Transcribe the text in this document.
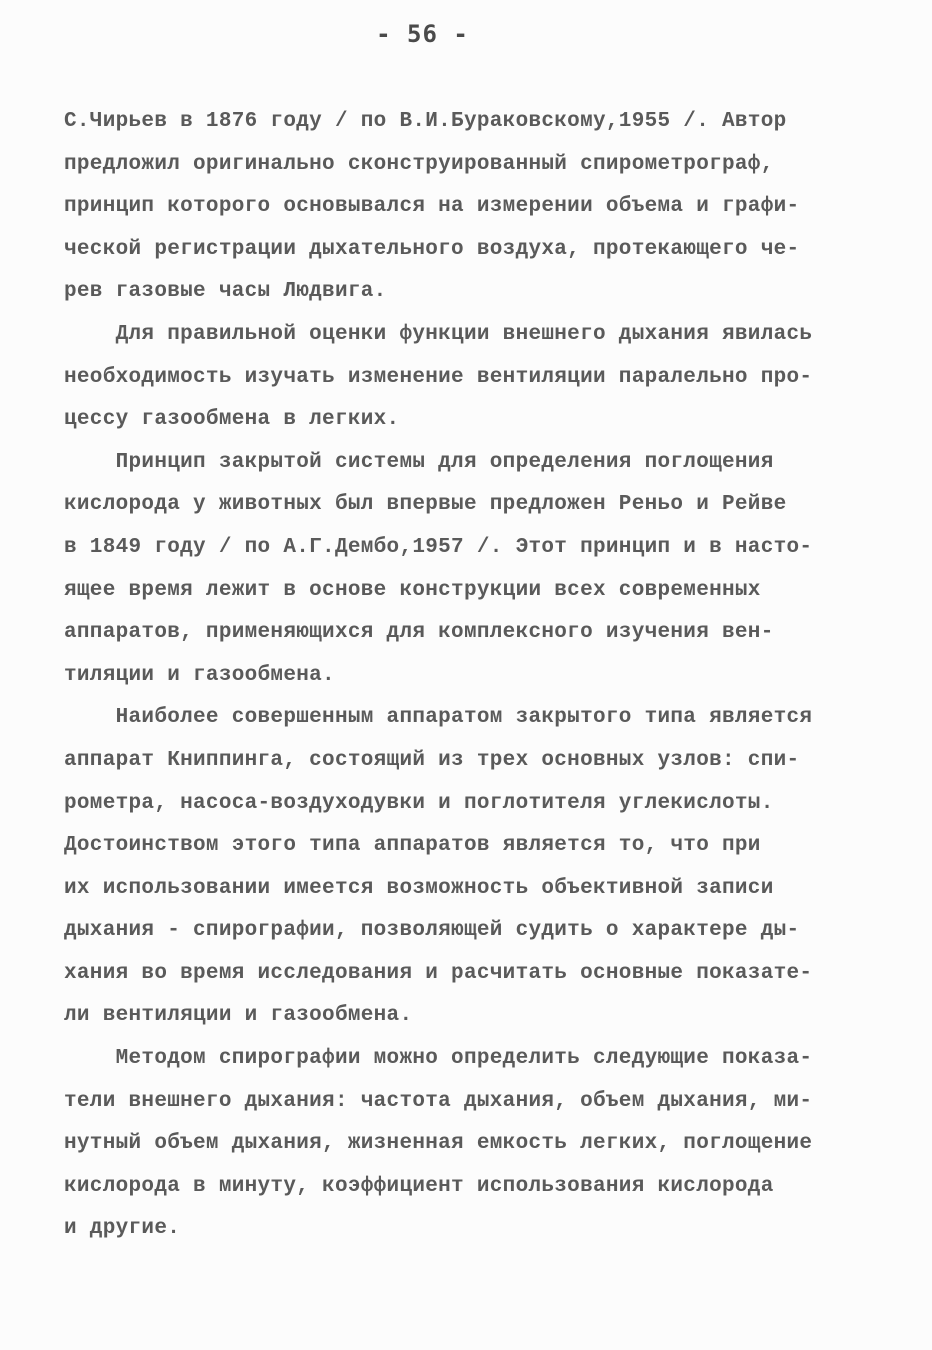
- 56 -
С.Чирьев в 1876 году / по В.И.Бураковскому,1955 /. Автор
предложил оригинально сконструированный спирометрограф,
принцип которого основывался на измерении объема и графи-
ческой регистрации дыхательного воздуха, протекающего че-
рев газовые часы Людвига.
Для правильной оценки функции внешнего дыхания явилась
необходимость изучать изменение вентиляции паралельно про-
цессу газообмена в легких.
Принцип закрытой системы для определения поглощения
кислорода у животных был впервые предложен Реньо и Рейве
в 1849 году / по А.Г.Дембо,1957 /. Этот принцип и в насто-
ящее время лежит в основе конструкции всех современных
аппаратов, применяющихся для комплексного изучения вен-
тиляции и газообмена.
Наиболее совершенным аппаратом закрытого типа является
аппарат Книппинга, состоящий из трех основных узлов: спи-
рометра, насоса-воздуходувки и поглотителя углекислоты.
Достоинством этого типа аппаратов является то, что при
их использовании имеется возможность объективной записи
дыхания - спирографии, позволяющей судить о характере ды-
хания во время исследования и расчитать основные показате-
ли вентиляции и газообмена.
Методом спирографии можно определить следующие показа-
тели внешнего дыхания: частота дыхания, объем дыхания, ми-
нутный объем дыхания, жизненная емкость легких, поглощение
кислорода в минуту, коэффициент использования кислорода
и другие.
